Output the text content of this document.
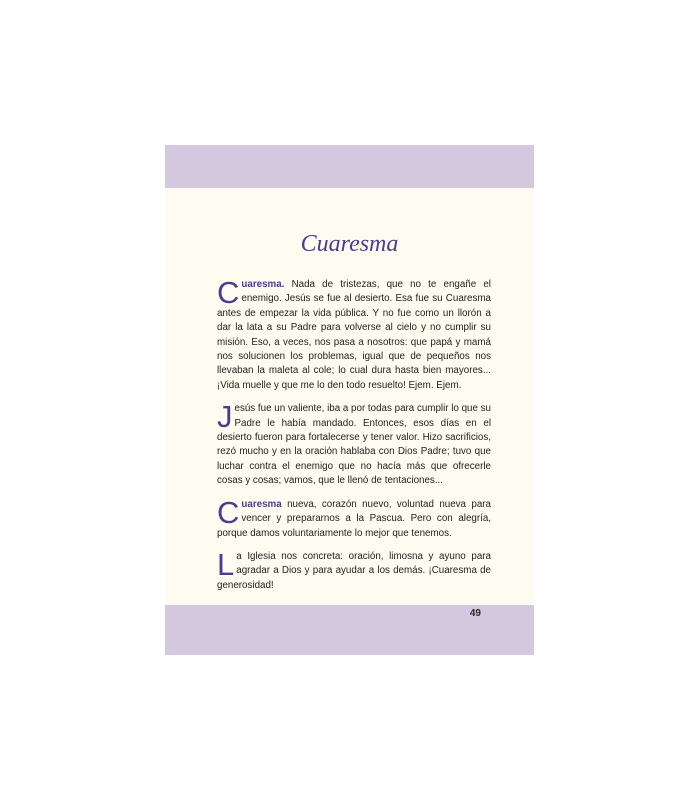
Cuaresma

Cuaresma. Nada de tristezas, que no te engañe el enemigo. Jesús se fue al desierto. Esa fue su Cuaresma antes de empezar la vida pública. Y no fue como un llorón a dar la lata a su Padre para volverse al cielo y no cumplir su misión. Eso, a veces, nos pasa a nosotros: que papá y mamá nos solucionen los problemas, igual que de pequeños nos llevaban la maleta al cole; lo cual dura hasta bien mayores... ¡Vida muelle y que me lo den todo resuelto! Ejem. Ejem.

Jesús fue un valiente, iba a por todas para cumplir lo que su Padre le había mandado. Entonces, esos días en el desierto fueron para fortalecerse y tener valor. Hizo sacrificios, rezó mucho y en la oración hablaba con Dios Padre; tuvo que luchar contra el enemigo que no hacía más que ofrecerle cosas y cosas; vamos, que le llenó de tentaciones...

Cuaresma nueva, corazón nuevo, voluntad nueva para vencer y prepararnos a la Pascua. Pero con alegría, porque damos voluntariamente lo mejor que tenemos.

La Iglesia nos concreta: oración, limosna y ayuno para agradar a Dios y para ayudar a los demás. ¡Cuaresma de generosidad!

49
